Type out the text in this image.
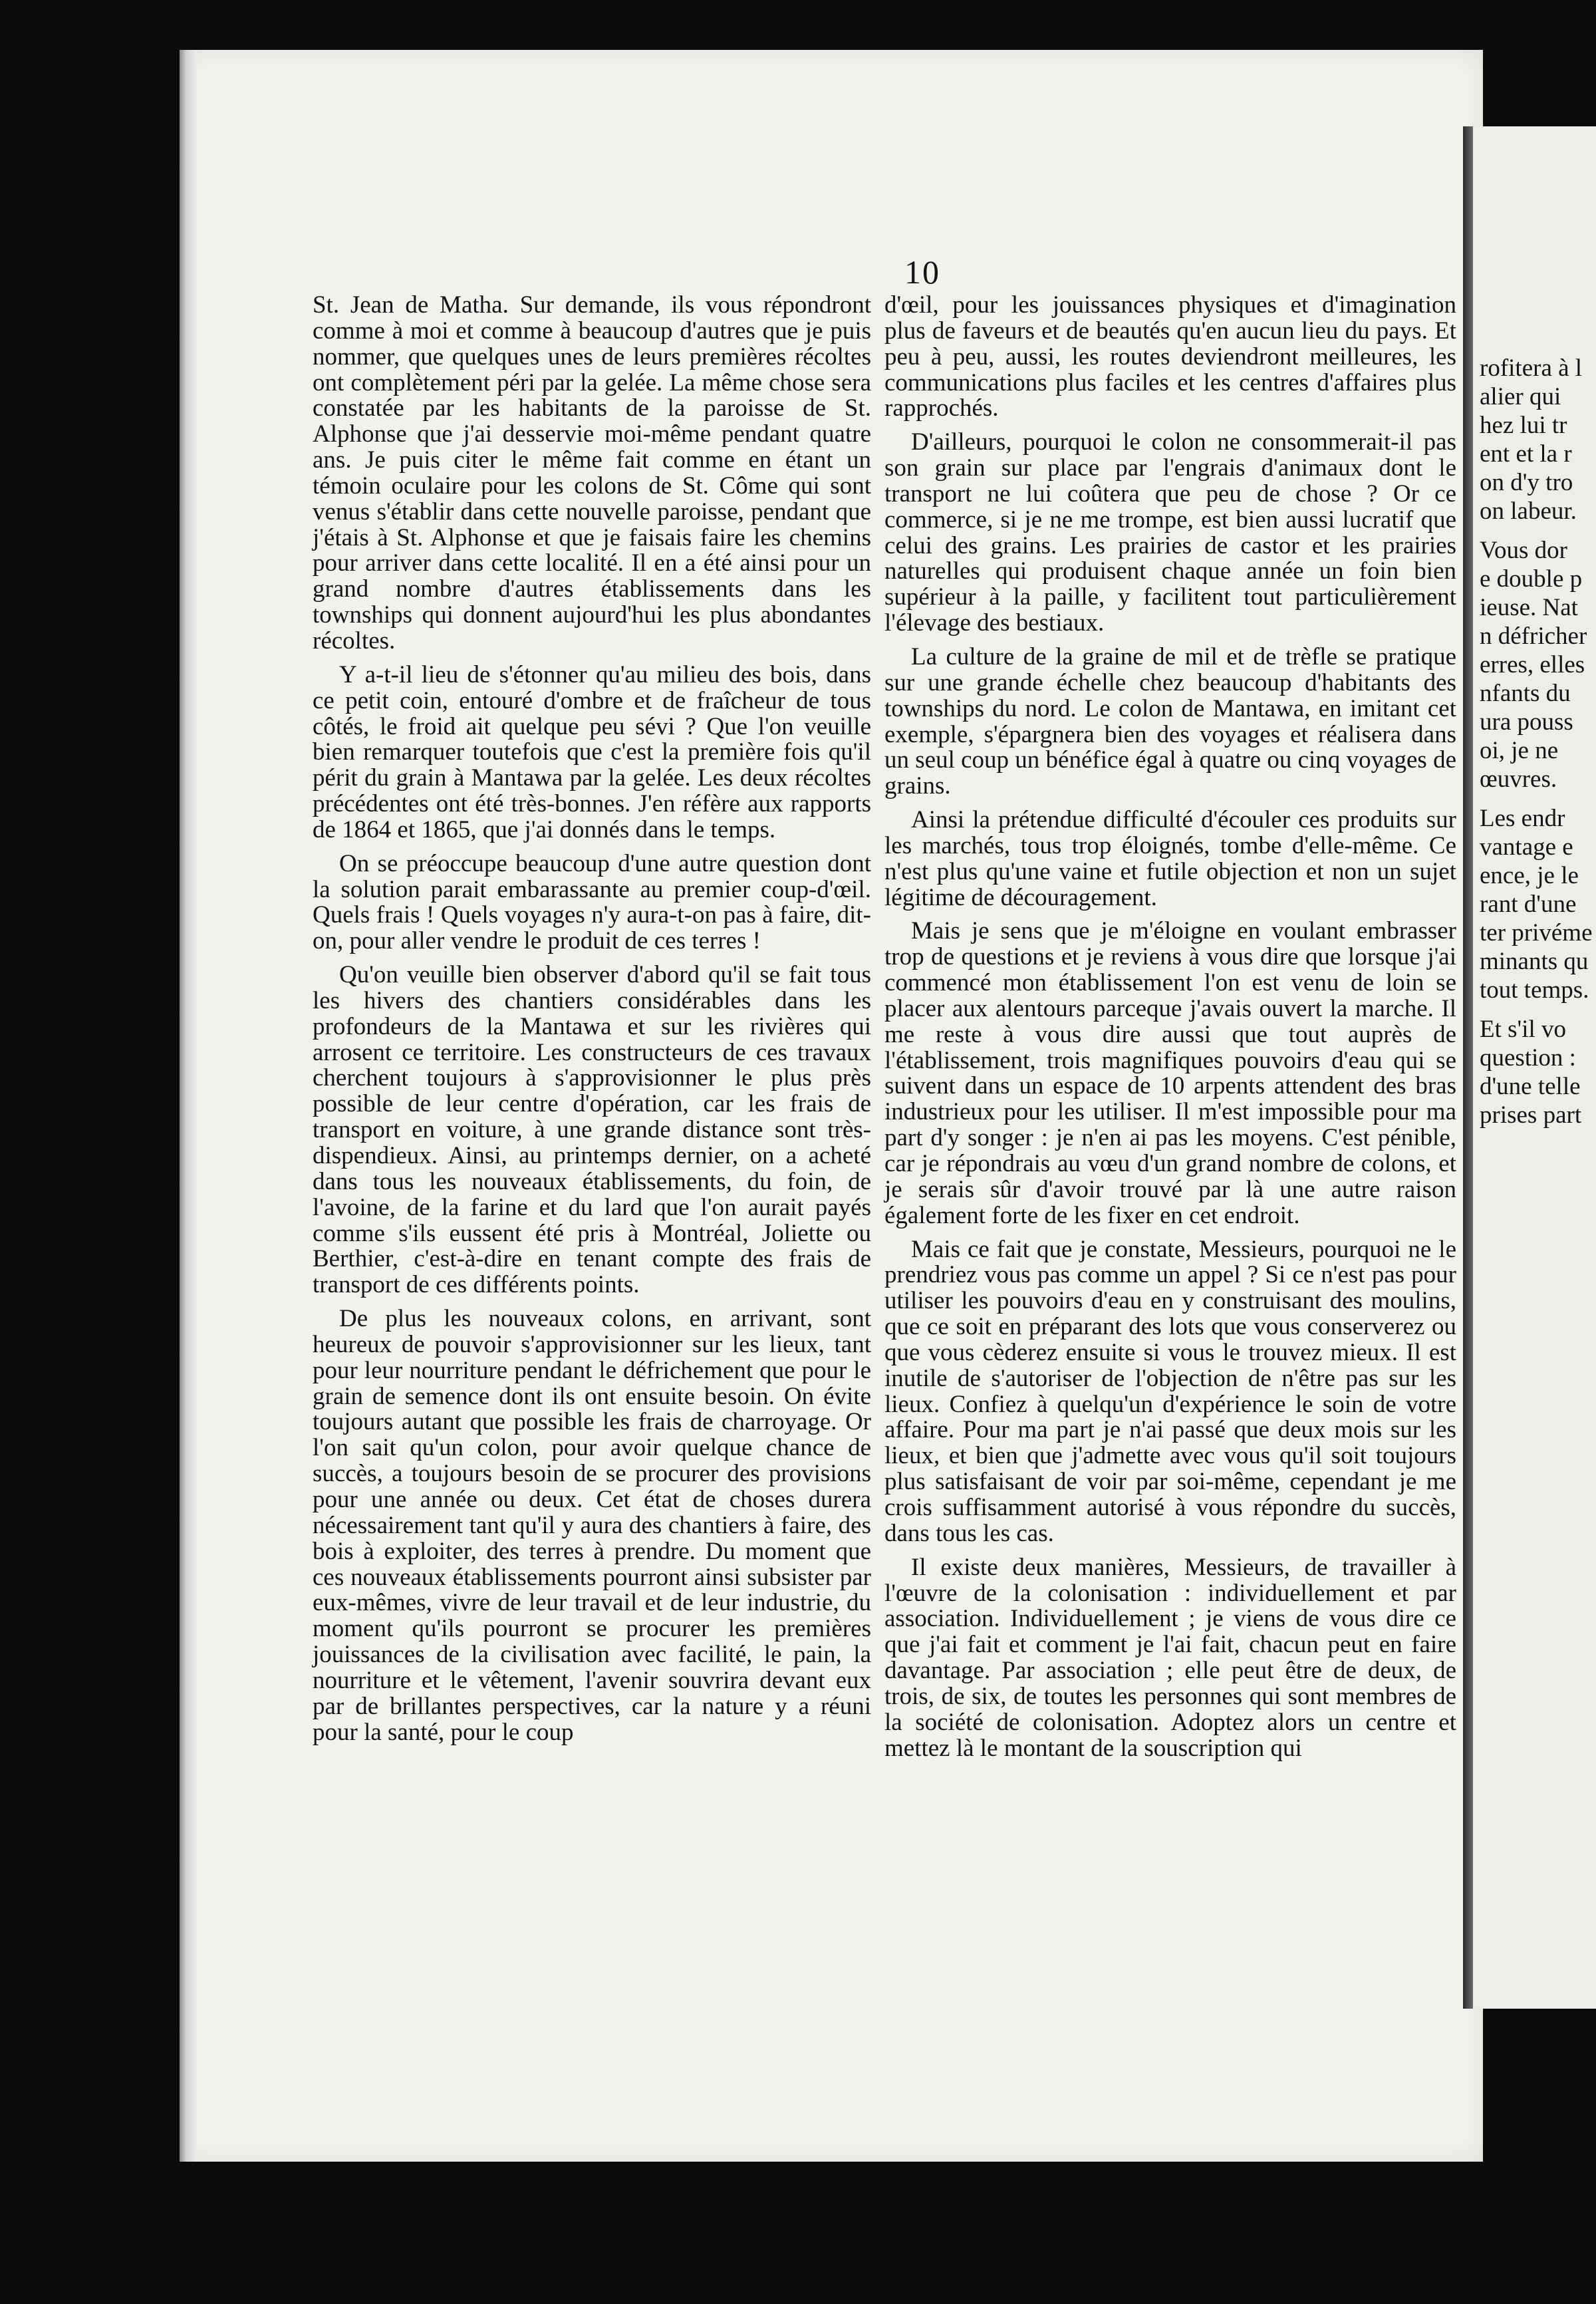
10

St. Jean de Matha. Sur demande, ils vous répondront comme à moi et comme à beaucoup d'autres que je puis nommer, que quelques unes de leurs premières récoltes ont complètement péri par la gelée. La même chose sera constatée par les habitants de la paroisse de St. Alphonse que j'ai desservie moi-même pendant quatre ans. Je puis citer le même fait comme en étant un témoin oculaire pour les colons de St. Côme qui sont venus s'établir dans cette nouvelle paroisse, pendant que j'étais à St. Alphonse et que je faisais faire les chemins pour arriver dans cette localité. Il en a été ainsi pour un grand nombre d'autres établissements dans les townships qui donnent aujourd'hui les plus abondantes récoltes.

Y a-t-il lieu de s'étonner qu'au milieu des bois, dans ce petit coin, entouré d'ombre et de fraîcheur de tous côtés, le froid ait quelque peu sévi ? Que l'on veuille bien remarquer toutefois que c'est la première fois qu'il périt du grain à Mantawa par la gelée. Les deux récoltes précédentes ont été très-bonnes. J'en réfère aux rapports de 1864 et 1865, que j'ai donnés dans le temps.

On se préoccupe beaucoup d'une autre question dont la solution parait embarassante au premier coup-d'œil. Quels frais ! Quels voyages n'y aura-t-on pas à faire, dit-on, pour aller vendre le produit de ces terres !

Qu'on veuille bien observer d'abord qu'il se fait tous les hivers des chantiers considérables dans les profondeurs de la Mantawa et sur les rivières qui arrosent ce territoire. Les constructeurs de ces travaux cherchent toujours à s'approvisionner le plus près possible de leur centre d'opération, car les frais de transport en voiture, à une grande distance sont très-dispendieux. Ainsi, au printemps dernier, on a acheté dans tous les nouveaux établissements, du foin, de l'avoine, de la farine et du lard que l'on aurait payés comme s'ils eussent été pris à Montréal, Joliette ou Berthier, c'est-à-dire en tenant compte des frais de transport de ces différents points.

De plus les nouveaux colons, en arrivant, sont heureux de pouvoir s'approvisionner sur les lieux, tant pour leur nourriture pendant le défrichement que pour le grain de semence dont ils ont ensuite besoin. On évite toujours autant que possible les frais de charroyage. Or l'on sait qu'un colon, pour avoir quelque chance de succès, a toujours besoin de se procurer des provisions pour une année ou deux. Cet état de choses durera nécessairement tant qu'il y aura des chantiers à faire, des bois à exploiter, des terres à prendre. Du moment que ces nouveaux établissements pourront ainsi subsister par eux-mêmes, vivre de leur travail et de leur industrie, du moment qu'ils pourront se procurer les premières jouissances de la civilisation avec facilité, le pain, la nourriture et le vêtement, l'avenir souvrira devant eux par de brillantes perspectives, car la nature y a réuni pour la santé, pour le coup

d'œil, pour les jouissances physiques et d'imagination plus de faveurs et de beautés qu'en aucun lieu du pays. Et peu à peu, aussi, les routes deviendront meilleures, les communications plus faciles et les centres d'affaires plus rapprochés.

D'ailleurs, pourquoi le colon ne consommerait-il pas son grain sur place par l'engrais d'animaux dont le transport ne lui coûtera que peu de chose ? Or ce commerce, si je ne me trompe, est bien aussi lucratif que celui des grains. Les prairies de castor et les prairies naturelles qui produisent chaque année un foin bien supérieur à la paille, y facilitent tout particulièrement l'élevage des bestiaux.

La culture de la graine de mil et de trèfle se pratique sur une grande échelle chez beaucoup d'habitants des townships du nord. Le colon de Mantawa, en imitant cet exemple, s'épargnera bien des voyages et réalisera dans un seul coup un bénéfice égal à quatre ou cinq voyages de grains.

Ainsi la prétendue difficulté d'écouler ces produits sur les marchés, tous trop éloignés, tombe d'elle-même. Ce n'est plus qu'une vaine et futile objection et non un sujet légitime de découragement.

Mais je sens que je m'éloigne en voulant embrasser trop de questions et je reviens à vous dire que lorsque j'ai commencé mon établissement l'on est venu de loin se placer aux alentours parceque j'avais ouvert la marche. Il me reste à vous dire aussi que tout auprès de l'établissement, trois magnifiques pouvoirs d'eau qui se suivent dans un espace de 10 arpents attendent des bras industrieux pour les utiliser. Il m'est impossible pour ma part d'y songer : je n'en ai pas les moyens. C'est pénible, car je répondrais au vœu d'un grand nombre de colons, et je serais sûr d'avoir trouvé par là une autre raison également forte de les fixer en cet endroit.

Mais ce fait que je constate, Messieurs, pourquoi ne le prendriez vous pas comme un appel ? Si ce n'est pas pour utiliser les pouvoirs d'eau en y construisant des moulins, que ce soit en préparant des lots que vous conserverez ou que vous cèderez ensuite si vous le trouvez mieux. Il est inutile de s'autoriser de l'objection de n'être pas sur les lieux. Confiez à quelqu'un d'expérience le soin de votre affaire. Pour ma part je n'ai passé que deux mois sur les lieux, et bien que j'admette avec vous qu'il soit toujours plus satisfaisant de voir par soi-même, cependant je me crois suffisamment autorisé à vous répondre du succès, dans tous les cas.

Il existe deux manières, Messieurs, de travailler à l'œuvre de la colonisation : individuellement et par association. Individuellement ; je viens de vous dire ce que j'ai fait et comment je l'ai fait, chacun peut en faire davantage. Par association ; elle peut être de deux, de trois, de six, de toutes les personnes qui sont membres de la société de colonisation. Adoptez alors un centre et mettez là le montant de la souscription qui

rofitera à l
alier qui
hez lui tr
ent et la r
on d'y tro
on labeur.
Vous dor
e double p
ieuse. Nat
n défricher
erres, elles
nfants du
ura pouss
oi, je ne
œuvres.
Les endr
vantage e
ence, je le
rant d'une
ter privéme
minants qu
tout temps.
Et s'il vo
question :
d'une telle
prises part
